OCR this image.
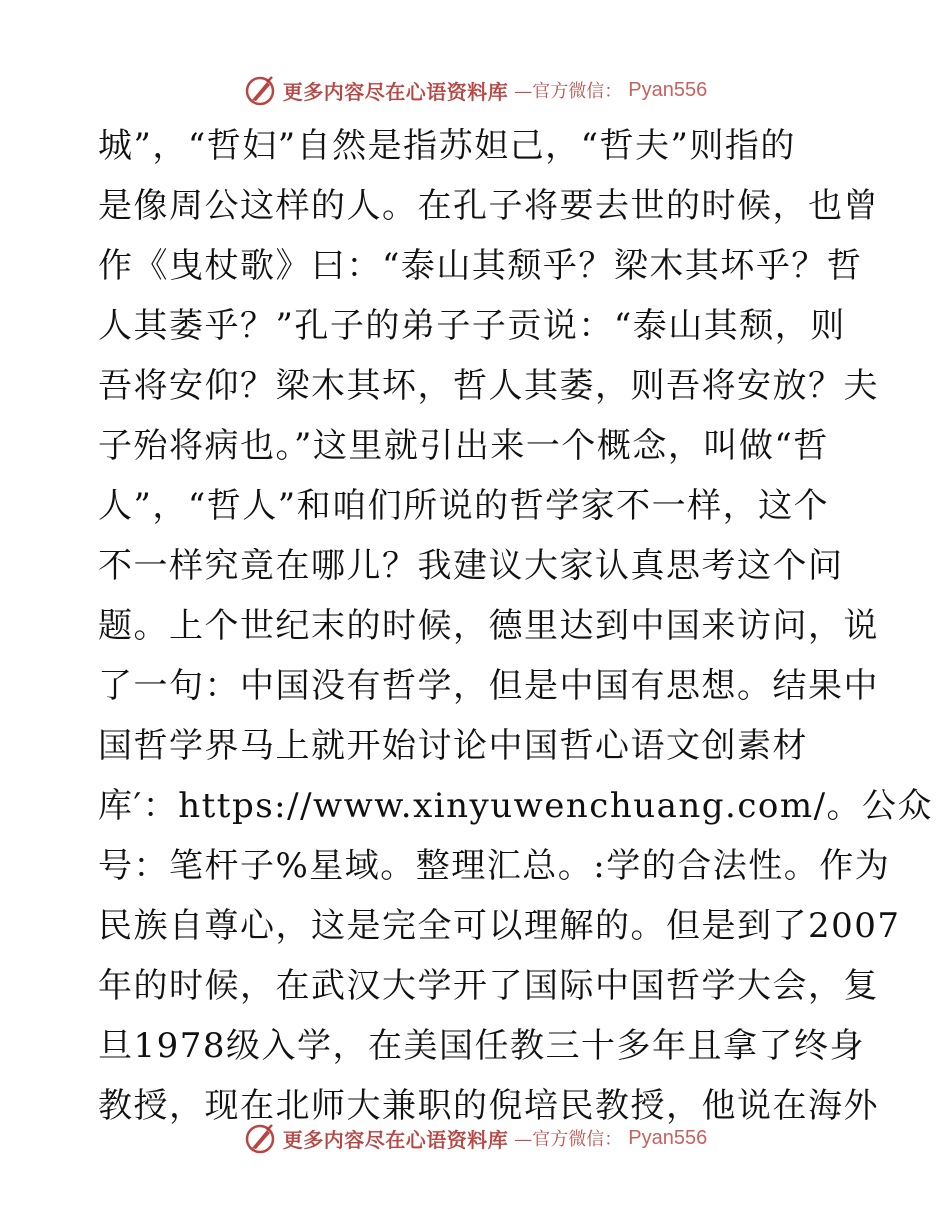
更多内容尽在心语资料库 —官方微信： Pyan556
城”，“哲妇”自然是指苏妲己，“哲夫”则指的
是像周公这样的人。在孔子将要去世的时候，也曾
作《曳杖歌》曰：“泰山其颓乎？梁木其坏乎？哲
人其萎乎？”孔子的弟子子贡说：“泰山其颓，则
吾将安仰？梁木其坏，哲人其萎，则吾将安放？夫
子殆将病也。”这里就引出来一个概念，叫做“哲
人”，“哲人”和咱们所说的哲学家不一样，这个
不一样究竟在哪儿？我建议大家认真思考这个问
题。上个世纪末的时候，德里达到中国来访问，说
了一句：中国没有哲学，但是中国有思想。结果中
国哲学界马上就开始讨论中国哲心语文创素材
库′：https://www.xinyuwenchuang.com/。公众
号：笔杆子%星域。整理汇总。:学的合法性。作为
民族自尊心，这是完全可以理解的。但是到了2007
年的时候，在武汉大学开了国际中国哲学大会，复
旦1978级入学，在美国任教三十多年且拿了终身
教授，现在北师大兼职的倪培民教授，他说在海外
更多内容尽在心语资料库 —官方微信： Pyan556
